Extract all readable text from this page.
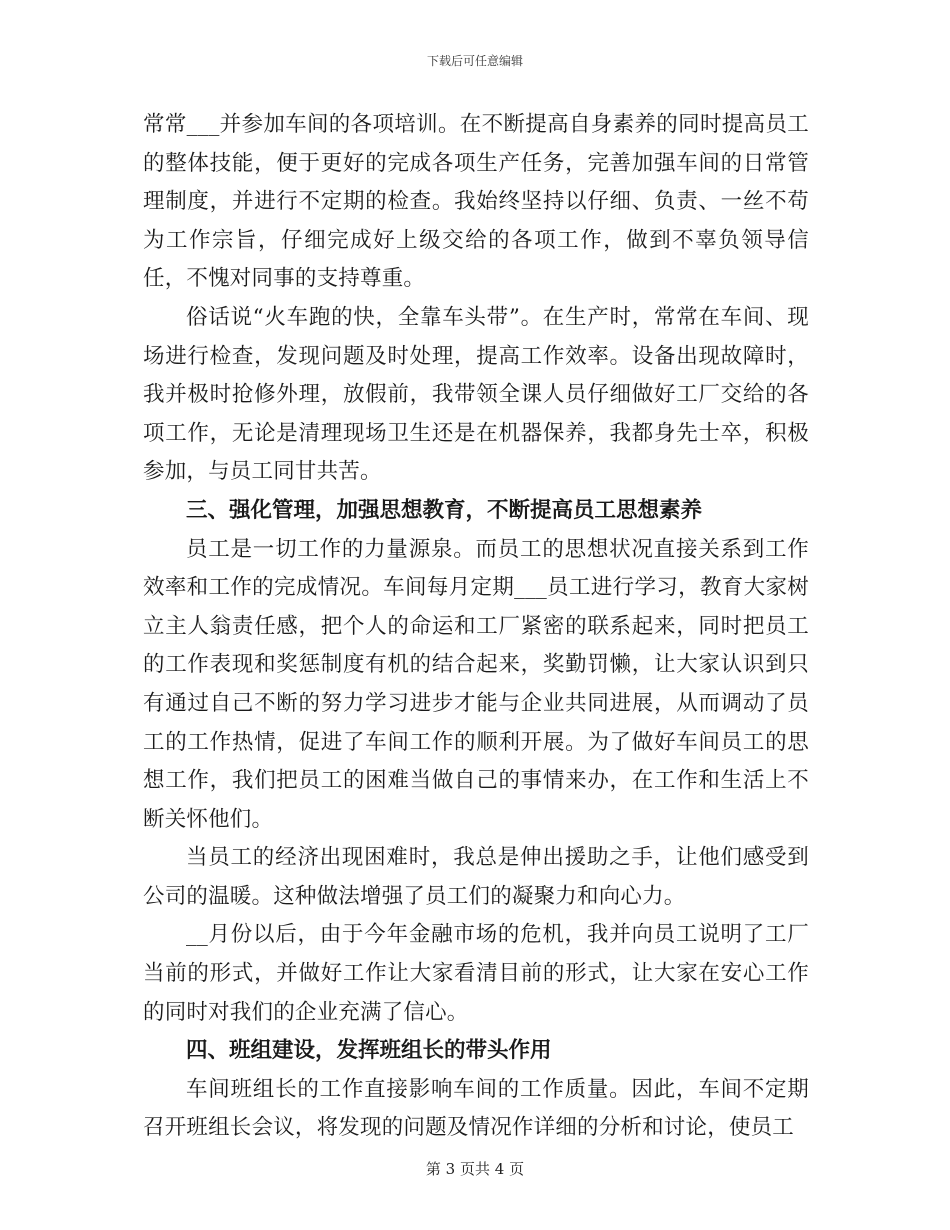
下载后可任意编辑

常常___并参加车间的各项培训。在不断提高自身素养的同时提高员工的整体技能，便于更好的完成各项生产任务，完善加强车间的日常管理制度，并进行不定期的检查。我始终坚持以仔细、负责、一丝不苟为工作宗旨，仔细完成好上级交给的各项工作，做到不辜负领导信任，不愧对同事的支持尊重。

俗话说“火车跑的快，全靠车头带”。在生产时，常常在车间、现场进行检查，发现问题及时处理，提高工作效率。设备出现故障时，我并极时抢修外理，放假前，我带领全课人员仔细做好工厂交给的各项工作，无论是清理现场卫生还是在机器保养，我都身先士卒，积极参加，与员工同甘共苦。

三、强化管理，加强思想教育，不断提高员工思想素养

员工是一切工作的力量源泉。而员工的思想状况直接关系到工作效率和工作的完成情况。车间每月定期___员工进行学习，教育大家树立主人翁责任感，把个人的命运和工厂紧密的联系起来，同时把员工的工作表现和奖惩制度有机的结合起来，奖勤罚懒，让大家认识到只有通过自己不断的努力学习进步才能与企业共同进展，从而调动了员工的工作热情，促进了车间工作的顺利开展。为了做好车间员工的思想工作，我们把员工的困难当做自己的事情来办，在工作和生活上不断关怀他们。

当员工的经济出现困难时，我总是伸出援助之手，让他们感受到公司的温暖。这种做法增强了员工们的凝聚力和向心力。

__月份以后，由于今年金融市场的危机，我并向员工说明了工厂当前的形式，并做好工作让大家看清目前的形式，让大家在安心工作的同时对我们的企业充满了信心。

四、班组建设，发挥班组长的带头作用

车间班组长的工作直接影响车间的工作质量。因此，车间不定期召开班组长会议，将发现的问题及情况作详细的分析和讨论，使员工

第 3 页共 4 页
